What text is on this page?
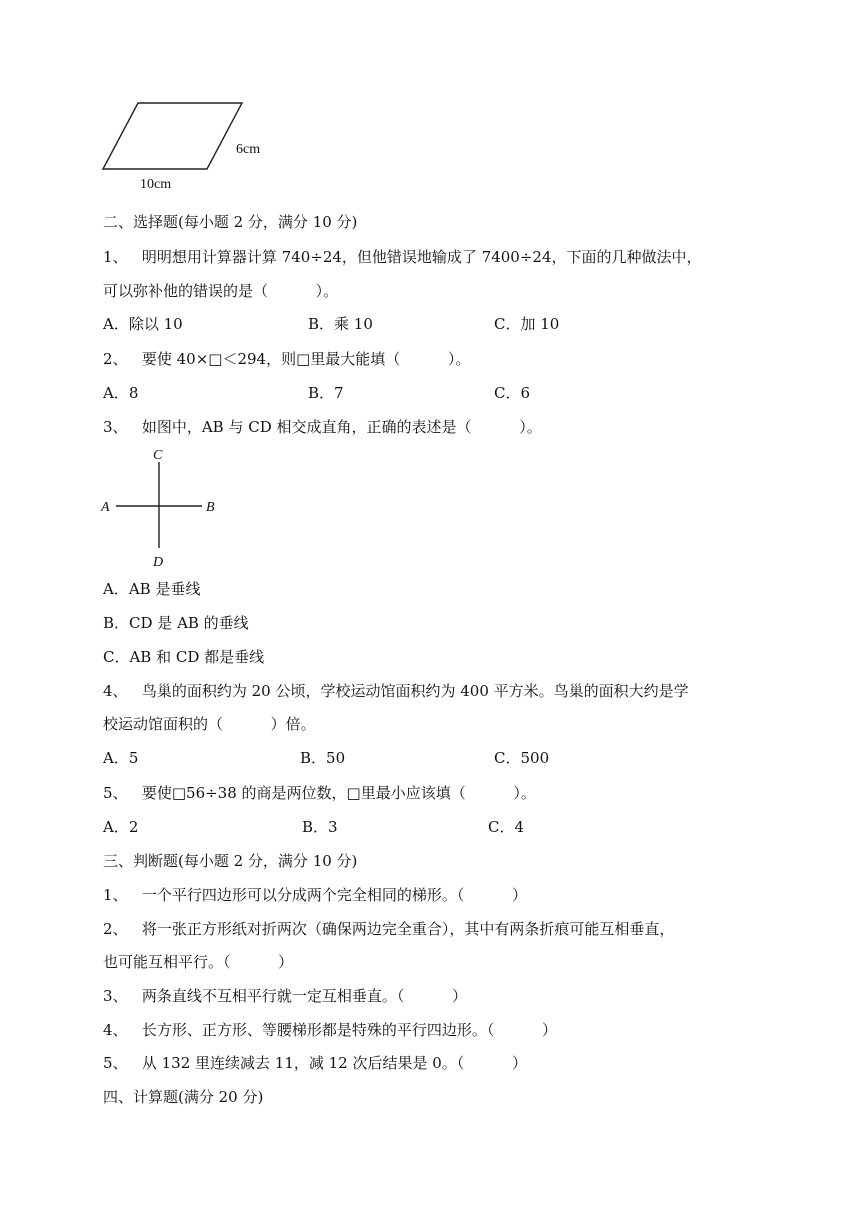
6cm
10cm
二、选择题(每小题 2 分，满分 10 分)
1、   明明想用计算器计算 740÷24，但他错误地输成了 7400÷24，下面的几种做法中，
可以弥补他的错误的是（          ）。
A．除以 10	B．乘 10	C．加 10
2、   要使 40×□＜294，则□里最大能填（          ）。
A．8	B．7	C．6
3、   如图中，AB 与 CD 相交成直角，正确的表述是（          ）。
C
A	B
D
A．AB 是垂线
B．CD 是 AB 的垂线
C．AB 和 CD 都是垂线
4、   鸟巢的面积约为 20 公顷，学校运动馆面积约为 400 平方米。鸟巢的面积大约是学
校运动馆面积的（          ）倍。
A．5	B．50	C．500
5、   要使□56÷38 的商是两位数，□里最小应该填（          ）。
A．2	B．3	C．4
三、判断题(每小题 2 分，满分 10 分)
1、   一个平行四边形可以分成两个完全相同的梯形。（          ）
2、   将一张正方形纸对折两次（确保两边完全重合），其中有两条折痕可能互相垂直，
也可能互相平行。（          ）
3、   两条直线不互相平行就一定互相垂直。（          ）
4、   长方形、正方形、等腰梯形都是特殊的平行四边形。（          ）
5、   从 132 里连续减去 11，减 12 次后结果是 0。（          ）
四、计算题(满分 20 分)
